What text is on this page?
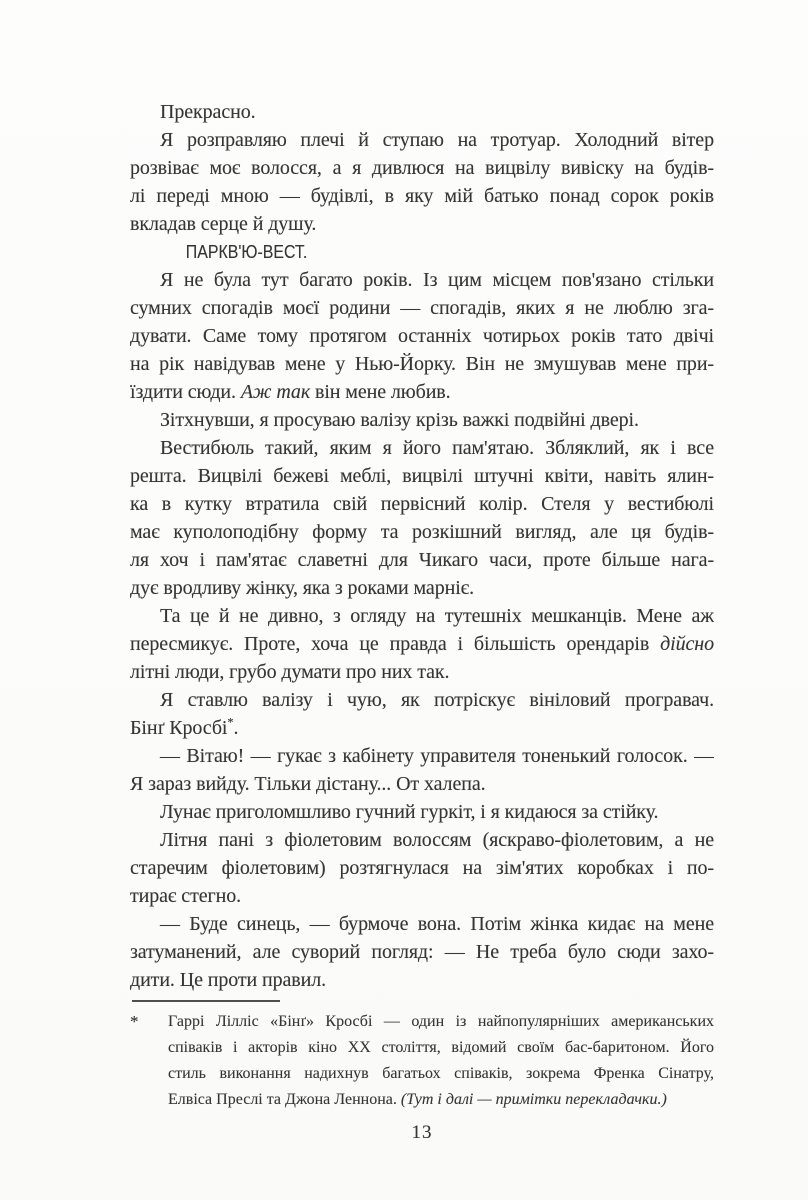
Прекрасно.
Я розправляю плечі й ступаю на тротуар. Холодний вітер
розвіває моє волосся, а я дивлюся на вицвілу вивіску на будів-
лі переді мною — будівлі, в яку мій батько понад сорок років
вкладав серце й душу.
ПАРКВ'Ю-ВЕСТ.
Я не була тут багато років. Із цим місцем пов'язано стільки
сумних спогадів моєї родини — спогадів, яких я не люблю зга-
дувати. Саме тому протягом останніх чотирьох років тато двічі
на рік навідував мене у Нью-Йорку. Він не змушував мене при-
їздити сюди. Аж так він мене любив.
Зітхнувши, я просуваю валізу крізь важкі подвійні двері.
Вестибюль такий, яким я його пам'ятаю. Збляклий, як і все
решта. Вицвілі бежеві меблі, вицвілі штучні квіти, навіть ялин-
ка в кутку втратила свій первісний колір. Стеля у вестибюлі
має куполоподібну форму та розкішний вигляд, але ця будів-
ля хоч і пам'ятає славетні для Чикаго часи, проте більше нага-
дує вродливу жінку, яка з роками марніє.
Та це й не дивно, з огляду на тутешніх мешканців. Мене аж
пересмикує. Проте, хоча це правда і більшість орендарів дійсно
літні люди, грубо думати про них так.
Я ставлю валізу і чую, як потріскує вініловий програвач.
Бінґ Кросбі*.
— Вітаю! — гукає з кабінету управителя тоненький голосок. —
Я зараз вийду. Тільки дістану... От халепа.
Лунає приголомшливо гучний гуркіт, і я кидаюся за стійку.
Літня пані з фіолетовим волоссям (яскраво-фіолетовим, а не
старечим фіолетовим) розтягнулася на зім'ятих коробках і по-
тирає стегно.
— Буде синець, — бурмоче вона. Потім жінка кидає на мене
затуманений, але суворий погляд: — Не треба було сюди захо-
дити. Це проти правил.
*	Гаррі Лілліс «Бінґ» Кросбі — один із найпопулярніших американських
співаків і акторів кіно XX століття, відомий своїм бас-баритоном. Його
стиль виконання надихнув багатьох співаків, зокрема Френка Сінатру,
Елвіса Преслі та Джона Леннона. (Тут і далі — примітки перекладачки.)
13
